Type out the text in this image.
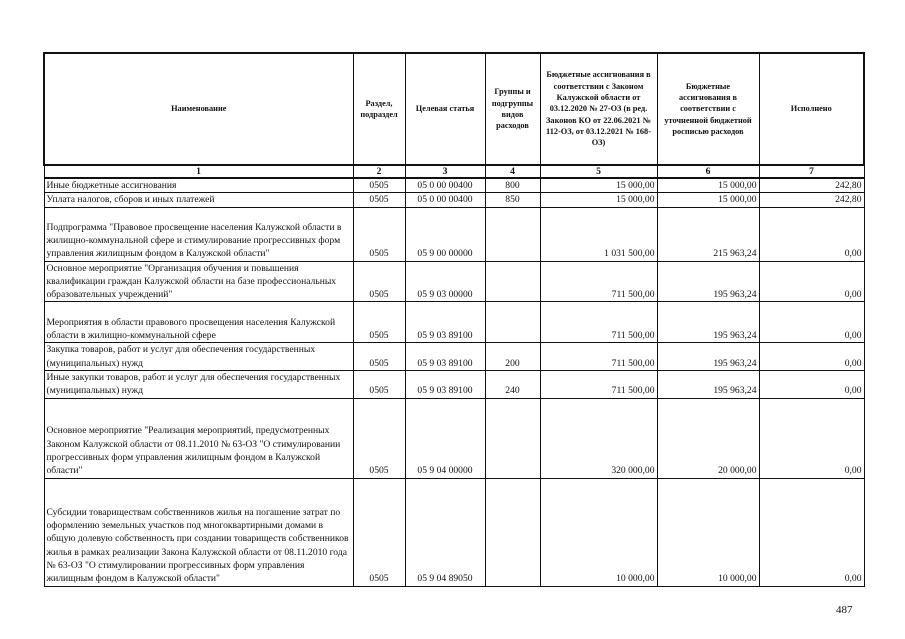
Наименование	Раздел, подраздел	Целевая статья	Группы и подгруппы видов расходов	Бюджетные ассигнования в соответствии с Законом Калужской области от 03.12.2020 № 27-ОЗ (в ред. Законов КО от 22.06.2021 № 112-ОЗ, от 03.12.2021 № 168-ОЗ)	Бюджетные ассигнования в соответствии с уточненной бюджетной росписью расходов	Исполнено
1	2	3	4	5	6	7
Иные бюджетные ассигнования	0505	05 0 00 00400	800	15 000,00	15 000,00	242,80
Уплата налогов, сборов и иных платежей	0505	05 0 00 00400	850	15 000,00	15 000,00	242,80
Подпрограмма "Правовое просвещение населения Калужской области в жилищно-коммунальной сфере и стимулирование прогрессивных форм управления жилищным фондом в Калужской области"	0505	05 9 00 00000		1 031 500,00	215 963,24	0,00
Основное мероприятие "Организация обучения и повышения квалификации граждан Калужской области на базе профессиональных образовательных учреждений"	0505	05 9 03 00000		711 500,00	195 963,24	0,00
Мероприятия в области правового просвещения населения Калужской области в жилищно-коммунальной сфере	0505	05 9 03 89100		711 500,00	195 963,24	0,00
Закупка товаров, работ и услуг для обеспечения государственных (муниципальных) нужд	0505	05 9 03 89100	200	711 500,00	195 963,24	0,00
Иные закупки товаров, работ и услуг для обеспечения государственных (муниципальных) нужд	0505	05 9 03 89100	240	711 500,00	195 963,24	0,00
Основное мероприятие "Реализация мероприятий, предусмотренных Законом Калужской области от 08.11.2010 № 63-ОЗ "О стимулировании прогрессивных форм управления жилищным фондом в Калужской области"	0505	05 9 04 00000		320 000,00	20 000,00	0,00
Субсидии товариществам собственников жилья на погашение затрат по оформлению земельных участков под многоквартирными домами в общую долевую собственность при создании товариществ собственников жилья в рамках реализации Закона Калужской области от 08.11.2010 года № 63-ОЗ "О стимулировании прогрессивных форм управления жилищным фондом в Калужской области"	0505	05 9 04 89050		10 000,00	10 000,00	0,00
487
